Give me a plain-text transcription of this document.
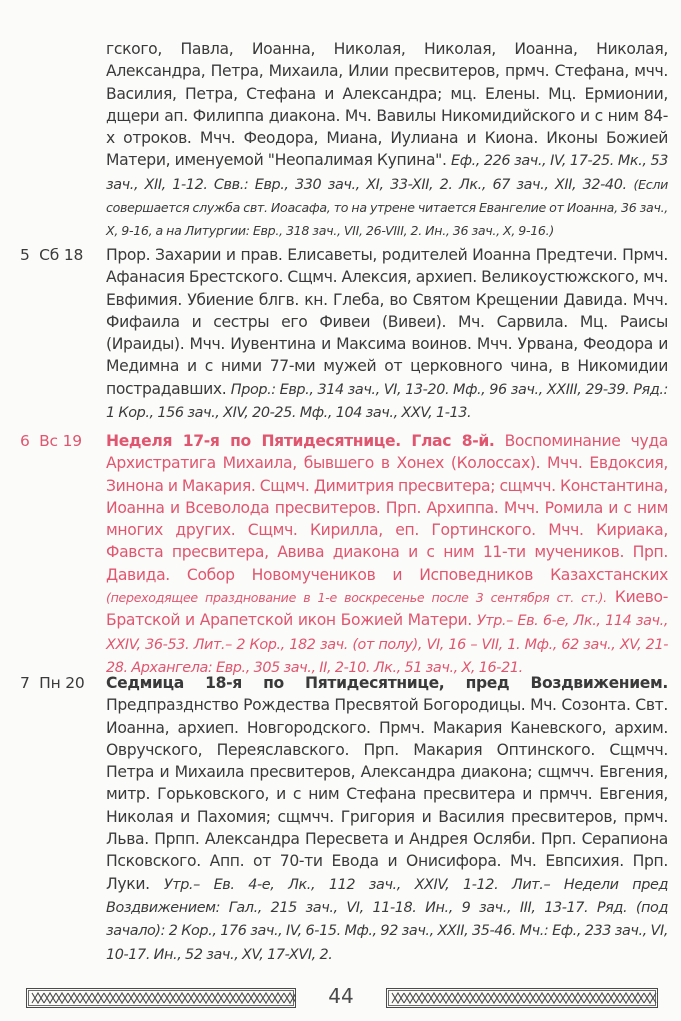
гского, Павла, Иоанна, Николая, Николая, Иоанна, Николая, Александра, Петра, Михаила, Илии пресвитеров, прмч. Стефана, мчч. Василия, Петра, Стефана и Александра; мц. Елены. Мц. Ермионии, дщери ап. Филиппа диакона. Мч. Вавилы Никомидийского и с ним 84-х отроков. Мчч. Феодора, Миана, Иулиана и Киона. Иконы Божией Матери, именуемой "Неопалимая Купина". Еф., 226 зач., IV, 17-25. Мк., 53 зач., XII, 1-12. Свв.: Евр., 330 зач., XI, 33-XII, 2. Лк., 67 зач., XII, 32-40. (Если совершается служба свт. Иоасафа, то на утрене читается Евангелие от Иоанна, 36 зач., X, 9-16, а на Литургии: Евр., 318 зач., VII, 26-VIII, 2. Ин., 36 зач., X, 9-16.)
5  Сб 18	Прор. Захарии и прав. Елисаветы, родителей Иоанна Предтечи. Прмч. Афанасия Брестского. Сщмч. Алексия, архиеп. Великоустюжского, мч. Евфимия. Убиение блгв. кн. Глеба, во Святом Крещении Давида. Мчч. Фифаила и сестры его Фивеи (Вивеи). Мч. Сарвила. Мц. Раисы (Ираиды). Мчч. Иувентина и Максима воинов. Мчч. Урвана, Феодора и Медимна и с ними 77-ми мужей от церковного чина, в Никомидии пострадавших. Прор.: Евр., 314 зач., VI, 13-20. Мф., 96 зач., XXIII, 29-39. Ряд.: 1 Кор., 156 зач., XIV, 20-25. Мф., 104 зач., XXV, 1-13.
6  Вс 19	Неделя 17-я по Пятидесятнице. Глас 8-й. Воспоминание чуда Архистратига Михаила, бывшего в Хонех (Колоссах). Мчч. Евдоксия, Зинона и Макария. Сщмч. Димитрия пресвитера; сщмчч. Константина, Иоанна и Всеволода пресвитеров. Прп. Архиппа. Мчч. Ромила и с ним многих других. Сщмч. Кирилла, еп. Гортинского. Мчч. Кириака, Фавста пресвитера, Авива диакона и с ним 11-ти мучеников. Прп. Давида. Собор Новомучеников и Исповедников Казахстанских (переходящее празднование в 1-е воскресенье после 3 сентября ст. ст.). Киево-Братской и Арапетской икон Божией Матери. Утр.– Ев. 6-е, Лк., 114 зач., XXIV, 36-53. Лит.– 2 Кор., 182 зач. (от полу), VI, 16 – VII, 1. Мф., 62 зач., XV, 21-28. Архангела: Евр., 305 зач., II, 2-10. Лк., 51 зач., X, 16-21.
7  Пн 20	Седмица 18-я по Пятидесятнице, пред Воздвижением. Предпразднство Рождества Пресвятой Богородицы. Мч. Созонта. Свт. Иоанна, архиеп. Новгородского. Прмч. Макария Каневского, архим. Овручского, Переяславского. Прп. Макария Оптинского. Сщмчч. Петра и Михаила пресвитеров, Александра диакона; сщмчч. Евгения, митр. Горьковского, и с ним Стефана пресвитера и прмчч. Евгения, Николая и Пахомия; сщмчч. Григория и Василия пресвитеров, прмч. Льва. Прпп. Александра Пересвета и Андрея Осляби. Прп. Серапиона Псковского. Апп. от 70-ти Евода и Онисифора. Мч. Евпсихия. Прп. Луки. Утр.– Ев. 4-е, Лк., 112 зач., XXIV, 1-12. Лит.– Недели пред Воздвижением: Гал., 215 зач., VI, 11-18. Ин., 9 зач., III, 13-17. Ряд. (под зачало): 2 Кор., 176 зач., IV, 6-15. Мф., 92 зач., XXII, 35-46. Мч.: Еф., 233 зач., VI, 10-17. Ин., 52 зач., XV, 17-XVI, 2.
44
